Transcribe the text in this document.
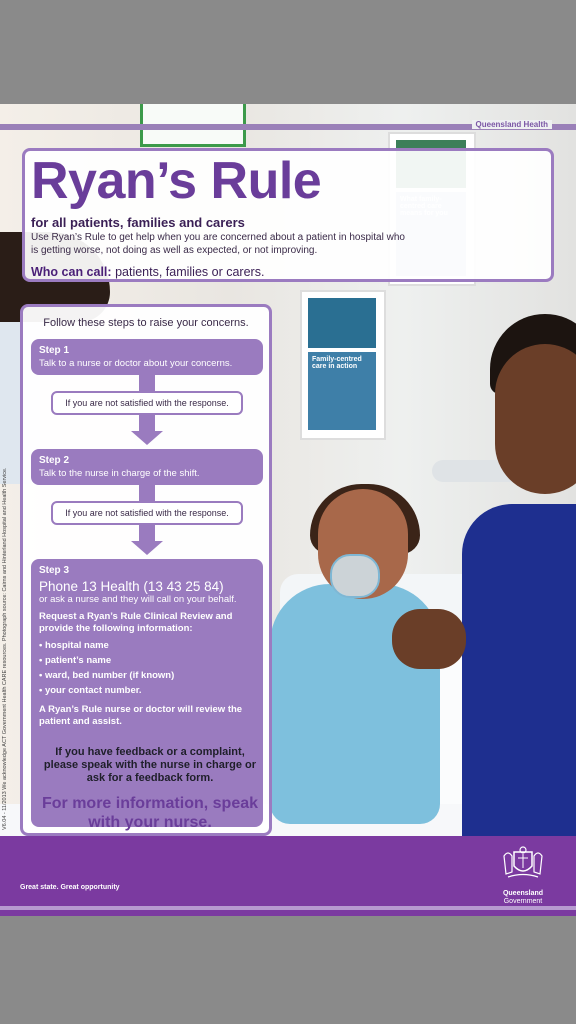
Family-centred care in action
Queensland Health
Ryan’s Rule
for all patients, families and carers
Use Ryan’s Rule to get help when you are concerned about a patient in hospital who is getting worse, not doing as well as expected, or not improving.
Who can call: patients, families or carers.
Follow these steps to raise your concerns.
Step 1
Talk to a nurse or doctor about your concerns.
If you are not satisfied with the response.
Step 2
Talk to the nurse in charge of the shift.
If you are not satisfied with the response.
Step 3
Phone 13 Health (13 43 25 84)
or ask a nurse and they will call on your behalf.
Request a Ryan’s Rule Clinical Review and provide the following information:
• hospital name
• patient’s name
• ward, bed number (if known)
• your contact number.
A Ryan’s Rule nurse or doctor will review the patient and assist.
If you have feedback or a complaint, please speak with the nurse in charge or ask for a feedback form.
For more information, speak with your nurse.
V6.04 - 11/2013 We acknowledge ACT Government Health CARE resources. Photograph source: Cairns and Hinterland Hospital and Health Service.
Great state. Great opportunity
Queensland
Government
